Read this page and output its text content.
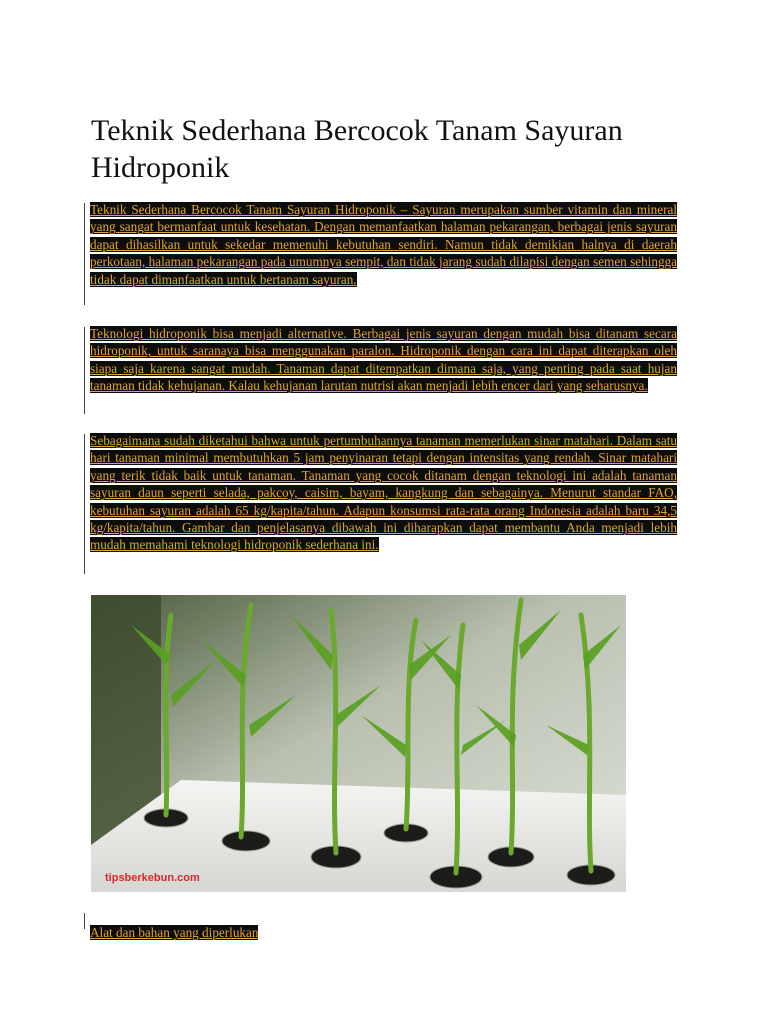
Teknik Sederhana Bercocok Tanam Sayuran Hidroponik

Teknik Sederhana Bercocok Tanam Sayuran Hidroponik – Sayuran merupakan sumber vitamin dan mineral yang sangat bermanfaat untuk kesehatan. Dengan memanfaatkan halaman pekarangan, berbagai jenis sayuran dapat dihasilkan untuk sekedar memenuhi kebutuhan sendiri. Namun tidak demikian halnya di daerah perkotaan, halaman pekarangan pada umumnya sempit, dan tidak jarang sudah dilapisi dengan semen sehingga tidak dapat dimanfaatkan untuk bertanam sayuran.

Teknologi hidroponik bisa menjadi alternative. Berbagai jenis sayuran dengan mudah bisa ditanam secara hidroponik, untuk saranaya bisa menggunakan paralon. Hidroponik dengan cara ini dapat diterapkan oleh siapa saja karena sangat mudah. Tanaman dapat ditempatkan dimana saja, yang penting pada saat hujan tanaman tidak kehujanan. Kalau kehujanan larutan nutrisi akan menjadi lebih encer dari yang seharusnya.

Sebagaimana sudah diketahui bahwa untuk pertumbuhannya tanaman memerlukan sinar matahari. Dalam satu hari tanaman minimal membutuhkan 5 jam penyinaran tetapi dengan intensitas yang rendah. Sinar matahari yang terik tidak baik untuk tanaman. Tanaman yang cocok ditanam dengan teknologi ini adalah tanaman sayuran daun seperti selada, pakcoy, caisim, bayam, kangkung dan sebagainya. Menurut standar FAO, kebutuhan sayuran adalah 65 kg/kapita/tahun. Adapun konsumsi rata-rata orang Indonesia adalah baru 34,5 kg/kapita/tahun. Gambar dan penjelasanya dibawah ini diharapkan dapat membantu Anda menjadi lebih mudah memahami teknologi hidroponik sederhana ini.

tipsberkebun.com

Alat dan bahan yang diperlukan
